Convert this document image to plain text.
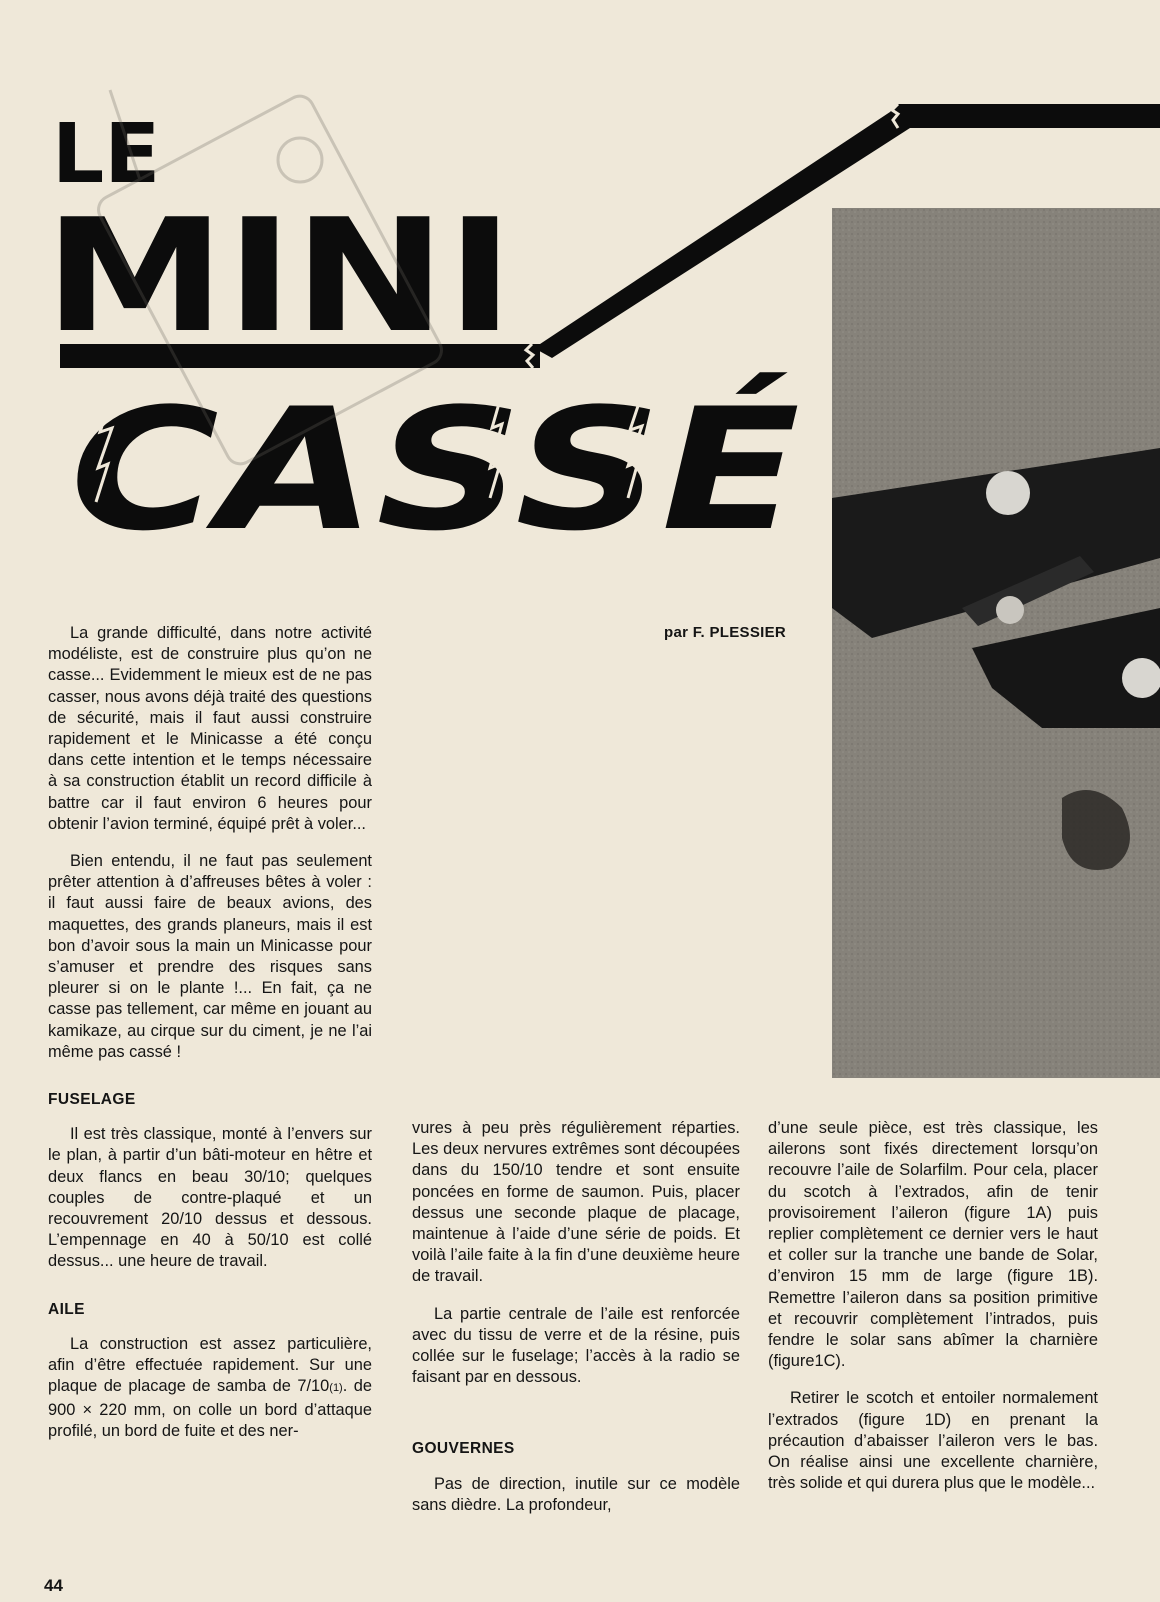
LE
MINI
CASSÉ
par F. PLESSIER

La grande difficulté, dans notre activité modéliste, est de construire plus qu’on ne casse... Evidemment le mieux est de ne pas casser, nous avons déjà traité des questions de sécurité, mais il faut aussi construire rapidement et le Minicasse a été conçu dans cette intention et le temps nécessaire à sa construction établit un record difficile à battre car il faut environ 6 heures pour obtenir l’avion terminé, équipé prêt à voler...

Bien entendu, il ne faut pas seulement prêter attention à d’affreuses bêtes à voler : il faut aussi faire de beaux avions, des maquettes, des grands planeurs, mais il est bon d’avoir sous la main un Minicasse pour s’amuser et prendre des risques sans pleurer si on le plante !... En fait, ça ne casse pas tellement, car même en jouant au kamikaze, au cirque sur du ciment, je ne l’ai même pas cassé !

FUSELAGE

Il est très classique, monté à l’envers sur le plan, à partir d’un bâti-moteur en hêtre et deux flancs en beau 30/10; quelques couples de contre-plaqué et un recouvrement 20/10 dessus et dessous. L’empennage en 40 à 50/10 est collé dessus... une heure de travail.

AILE

La construction est assez particulière, afin d’être effectuée rapidement. Sur une plaque de placage de samba de 7/10(1). de 900 × 220 mm, on colle un bord d’attaque profilé, un bord de fuite et des ner-

vures à peu près régulièrement réparties. Les deux nervures extrêmes sont découpées dans du 150/10 tendre et sont ensuite poncées en forme de saumon. Puis, placer dessus une seconde plaque de placage, maintenue à l’aide d’une série de poids. Et voilà l’aile faite à la fin d’une deuxième heure de travail.

La partie centrale de l’aile est renforcée avec du tissu de verre et de la résine, puis collée sur le fuselage; l’accès à la radio se faisant par en dessous.

GOUVERNES

Pas de direction, inutile sur ce modèle sans dièdre. La profondeur,

d’une seule pièce, est très classique, les ailerons sont fixés directement lorsqu’on recouvre l’aile de Solarfilm. Pour cela, placer du scotch à l’extrados, afin de tenir provisoirement l’aileron (figure 1A) puis replier complètement ce dernier vers le haut et coller sur la tranche une bande de Solar, d’environ 15 mm de large (figure 1B). Remettre l’aileron dans sa position primitive et recouvrir complètement l’intrados, puis fendre le solar sans abîmer la charnière (figure1C).

Retirer le scotch et entoiler normalement l’extrados (figure 1D) en prenant la précaution d’abaisser l’aileron vers le bas. On réalise ainsi une excellente charnière, très solide et qui durera plus que le modèle...

44
